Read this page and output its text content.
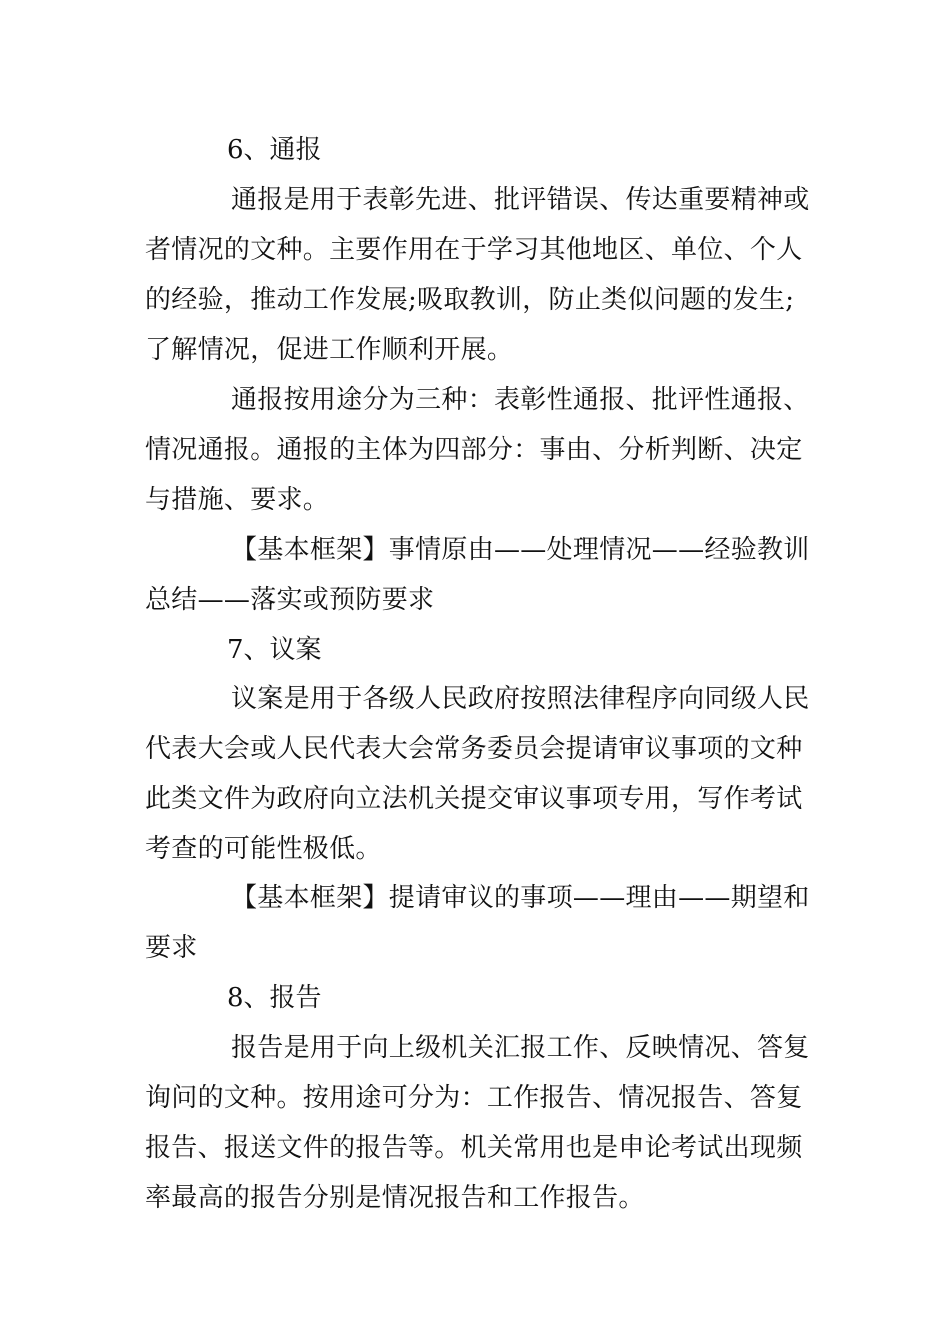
6、通报

通报是用于表彰先进、批评错误、传达重要精神或者情况的文种。主要作用在于学习其他地区、单位、个人的经验，推动工作发展;吸取教训，防止类似问题的发生;了解情况，促进工作顺利开展。

通报按用途分为三种：表彰性通报、批评性通报、情况通报。通报的主体为四部分：事由、分析判断、决定与措施、要求。

【基本框架】事情原由——处理情况——经验教训总结——落实或预防要求

7、议案

议案是用于各级人民政府按照法律程序向同级人民代表大会或人民代表大会常务委员会提请审议事项的文种此类文件为政府向立法机关提交审议事项专用，写作考试考查的可能性极低。

【基本框架】提请审议的事项——理由——期望和要求

8、报告

报告是用于向上级机关汇报工作、反映情况、答复询问的文种。按用途可分为：工作报告、情况报告、答复报告、报送文件的报告等。机关常用也是申论考试出现频率最高的报告分别是情况报告和工作报告。
